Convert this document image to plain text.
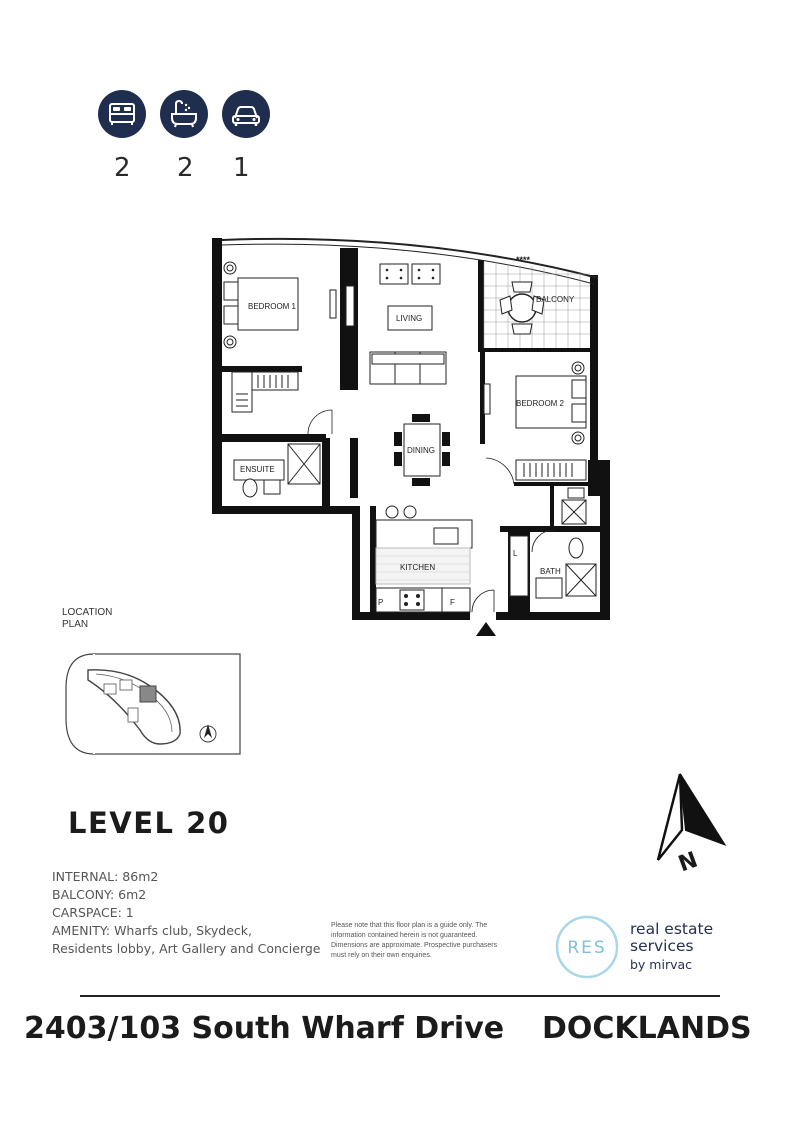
2 2 1
BEDROOM 1
LIVING
BALCONY
BEDROOM 2
DINING
ENSUITE
KITCHEN	BATH
P	F
L
****
LOCATION
PLAN
LEVEL 20
N
INTERNAL: 86m2
BALCONY: 6m2
CARSPACE: 1
AMENITY: Wharfs club, Skydeck,
Residents lobby, Art Gallery and Concierge
Please note that this floor plan is a guide only. The information contained herein is not guaranteed. Dimensions are approximate. Prospective purchasers must rely on their own enquiries.	RES
real estate
services
by mirvac
2403/103 South Wharf Drive DOCKLANDS
